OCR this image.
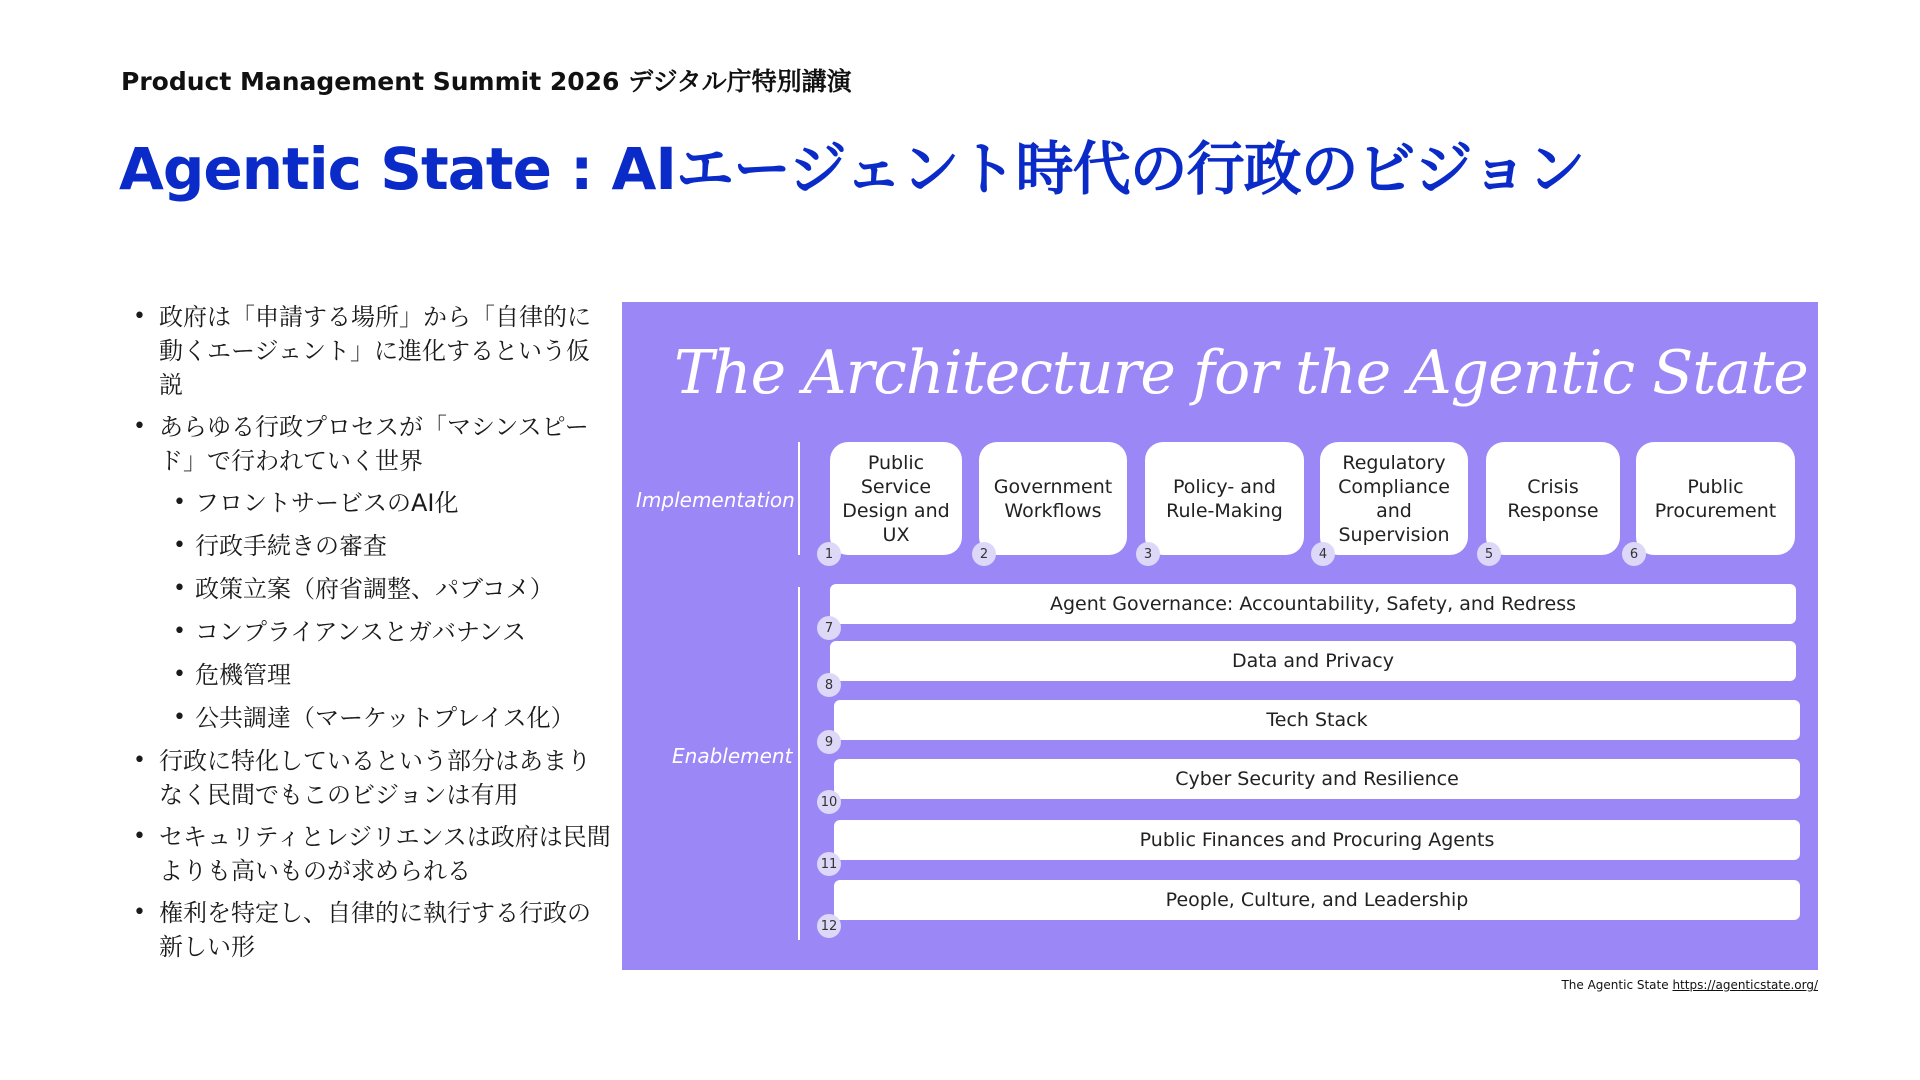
Product Management Summit 2026 デジタル庁特別講演
Agentic State : AIエージェント時代の行政のビジョン
• 政府は「申請する場所」から「自律的に動くエージェント」に進化するという仮説
• あらゆる行政プロセスが「マシンスピード」で行われていく世界
• フロントサービスのAI化
• 行政手続きの審査
• 政策立案（府省調整、パブコメ）
• コンプライアンスとガバナンス
• 危機管理
• 公共調達（マーケットプレイス化）
• 行政に特化しているという部分はあまりなく民間でもこのビジョンは有用
• セキュリティとレジリエンスは政府は民間よりも高いものが求められる
• 権利を特定し、自律的に執行する行政の新しい形
The Architecture for the Agentic State
Implementation
Enablement
Public Service Design and UX
1
Government Workflows
2
Policy- and Rule-Making
3
Regulatory Compliance and Supervision
4
Crisis Response
5
Public Procurement
6
Agent Governance: Accountability, Safety, and Redress
7
Data and Privacy
8
Tech Stack
9
Cyber Security and Resilience
10
Public Finances and Procuring Agents
11
People, Culture, and Leadership
12
The Agentic State https://agenticstate.org/
